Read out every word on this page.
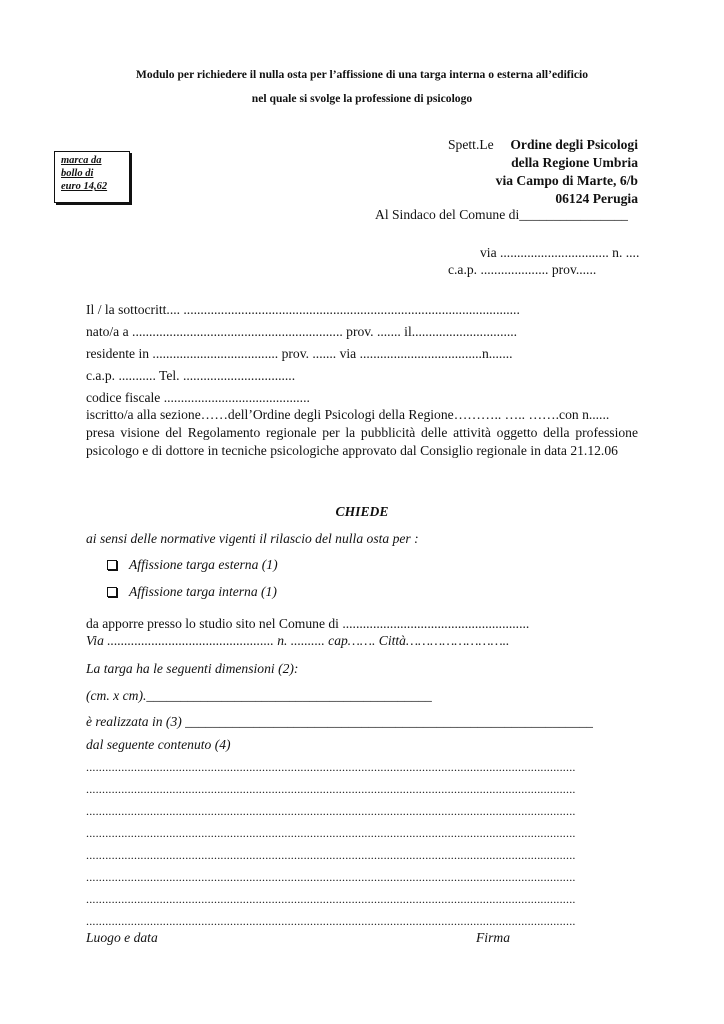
Modulo per richiedere il nulla osta per l’affissione di una targa interna o esterna all’edificio
nel quale si svolge la professione di psicologo
marca da
bollo di
euro 14,62
Spett.Le Ordine degli Psicologi
della Regione Umbria
via Campo di Marte, 6/b
06124 Perugia
Al Sindaco del Comune di________________
via ................................ n. ....
c.a.p. .................... prov......
Il / la sottocritt.... ...................................................................................................
nato/a a .............................................................. prov. ....... il...............................
residente in ..................................... prov. ....... via ....................................n.......
c.a.p. ........... Tel. .................................
codice fiscale ...........................................
iscritto/a alla sezione……dell’Ordine degli Psicologi della Regione……….. ….. …….con n......
presa visione del Regolamento regionale per la pubblicità delle attività oggetto della professione psicologo e di dottore in tecniche psicologiche approvato dal Consiglio regionale in data 21.12.06
CHIEDE
ai sensi delle normative vigenti il rilascio del nulla osta per :
Affissione targa esterna (1)
Affissione targa interna (1)
da apporre presso lo studio sito nel Comune di .......................................................
Via ................................................. n. .......... cap……. Città……………………..
La targa ha le seguenti dimensioni (2):
(cm. x cm).__________________________________________
è realizzata in (3) ____________________________________________________________
dal seguente contenuto (4)
.........................................................................................................................................................
.........................................................................................................................................................
.........................................................................................................................................................
.........................................................................................................................................................
.........................................................................................................................................................
.........................................................................................................................................................
.........................................................................................................................................................
.........................................................................................................................................................
Luogo e data	Firma
